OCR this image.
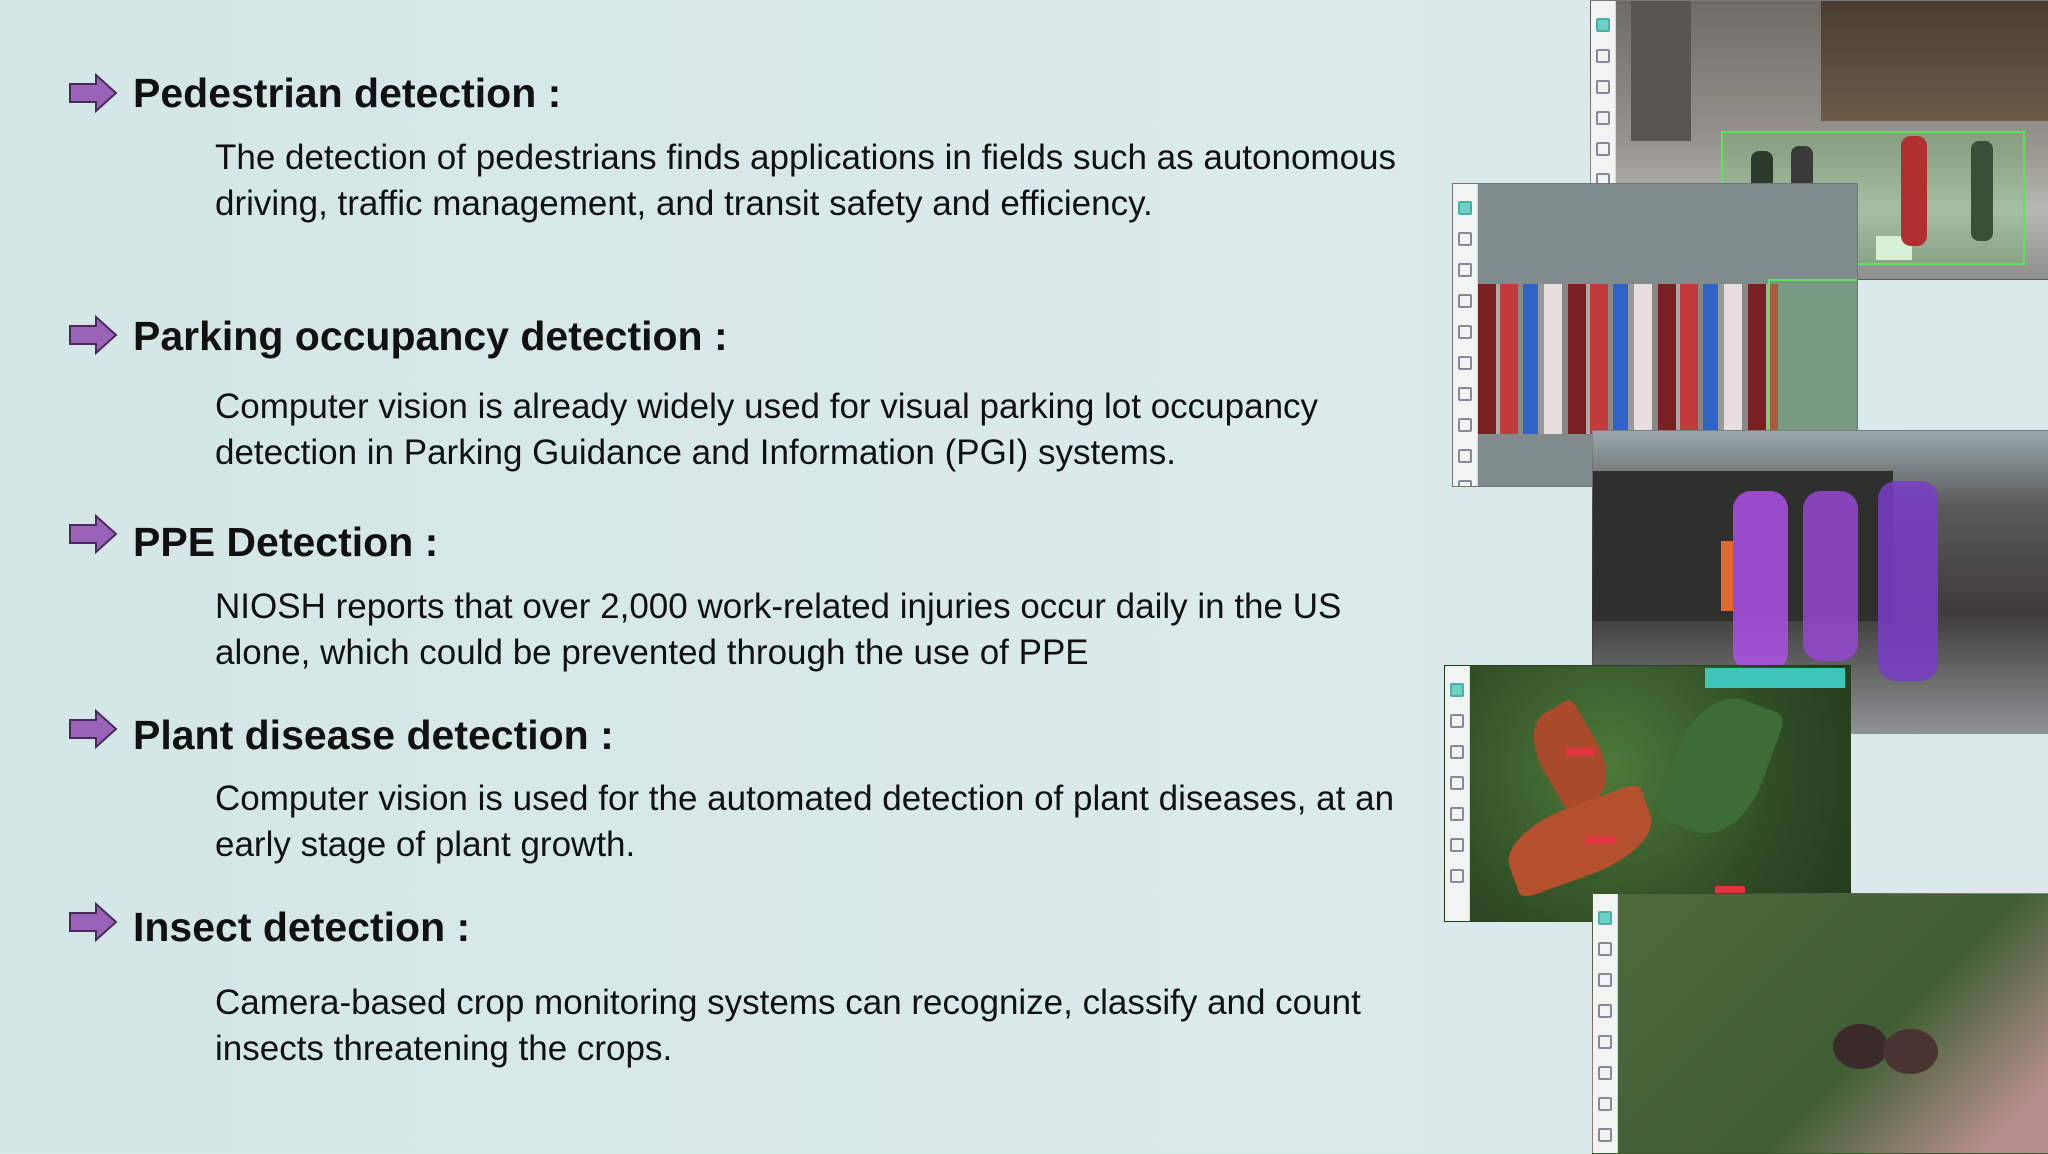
Pedestrian detection :
The detection of pedestrians finds applications in fields such as autonomous driving, traffic management, and transit safety and efficiency.
Parking occupancy detection :
Computer vision is already widely used for visual parking lot occupancy detection in Parking Guidance and Information (PGI) systems.
PPE Detection :
NIOSH reports that over 2,000 work-related injuries occur daily in the US alone, which could be prevented through the use of PPE
Plant disease detection :
Computer vision is used for the automated detection of plant diseases, at an early stage of plant growth.
Insect detection :
Camera-based crop monitoring systems can recognize, classify and count insects threatening the crops.
